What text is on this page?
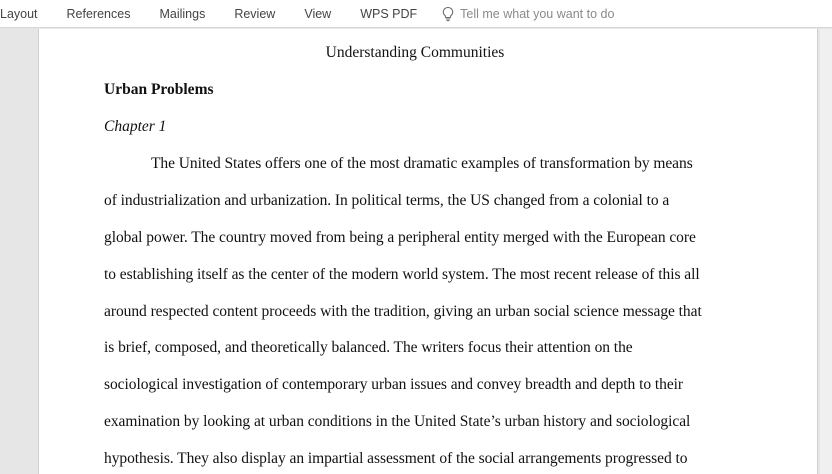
Layout References Mailings Review View WPS PDF	Tell me what you want to do
Understanding Communities
Urban Problems
Chapter 1
The United States offers one of the most dramatic examples of transformation by means
of industrialization and urbanization. In political terms, the US changed from a colonial to a
global power. The country moved from being a peripheral entity merged with the European core
to establishing itself as the center of the modern world system. The most recent release of this all
around respected content proceeds with the tradition, giving an urban social science message that
is brief, composed, and theoretically balanced. The writers focus their attention on the
sociological investigation of contemporary urban issues and convey breadth and depth to their
examination by looking at urban conditions in the United State’s urban history and sociological
hypothesis. They also display an impartial assessment of the social arrangements progressed to
